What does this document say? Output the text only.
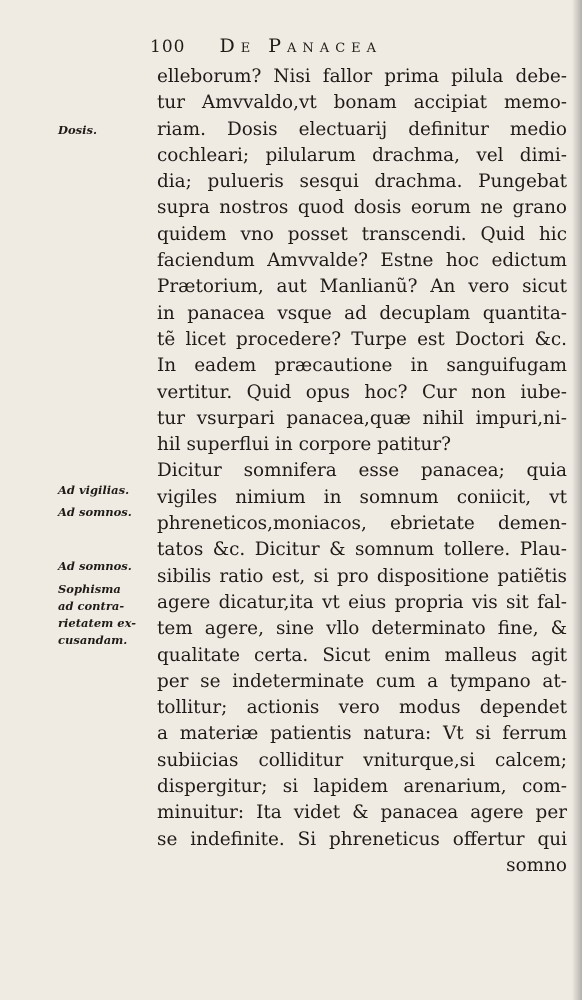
100 De Panacea
Dosis.
Ad vigilias.
Ad somnos.
Ad somnos.
Sophisma
ad contra-
rietatem ex-
cusandam.
elleborum? Nisi fallor prima pilula debe-
tur Amvvaldo,vt bonam accipiat memo-
riam. Dosis electuarij definitur medio
cochleari; pilularum drachma, vel dimi-
dia; pulueris sesqui drachma. Pungebat
supra nostros quod dosis eorum ne grano
quidem vno posset transcendi. Quid hic
faciendum Amvvalde? Estne hoc edictum
Prætorium, aut Manlianũ? An vero sicut
in panacea vsque ad decuplam quantita-
tẽ licet procedere? Turpe est Doctori &c.
In eadem præcautione in sanguifugam
vertitur. Quid opus hoc? Cur non iube-
tur vsurpari panacea,quæ nihil impuri,ni-
hil superflui in corpore patitur?
Dicitur somnifera esse panacea; quia
vigiles nimium in somnum coniicit, vt
phreneticos,moniacos, ebrietate demen-
tatos &c. Dicitur & somnum tollere. Plau-
sibilis ratio est, si pro dispositione patiẽtis
agere dicatur,ita vt eius propria vis sit fal-
tem agere, sine vllo determinato fine, &
qualitate certa. Sicut enim malleus agit
per se indeterminate cum a tympano at-
tollitur; actionis vero modus dependet
a materiæ patientis natura: Vt si ferrum
subiicias colliditur vniturque,si calcem;
dispergitur; si lapidem arenarium, com-
minuitur: Ita videt & panacea agere per
se indefinite. Si phreneticus offertur qui
somno
